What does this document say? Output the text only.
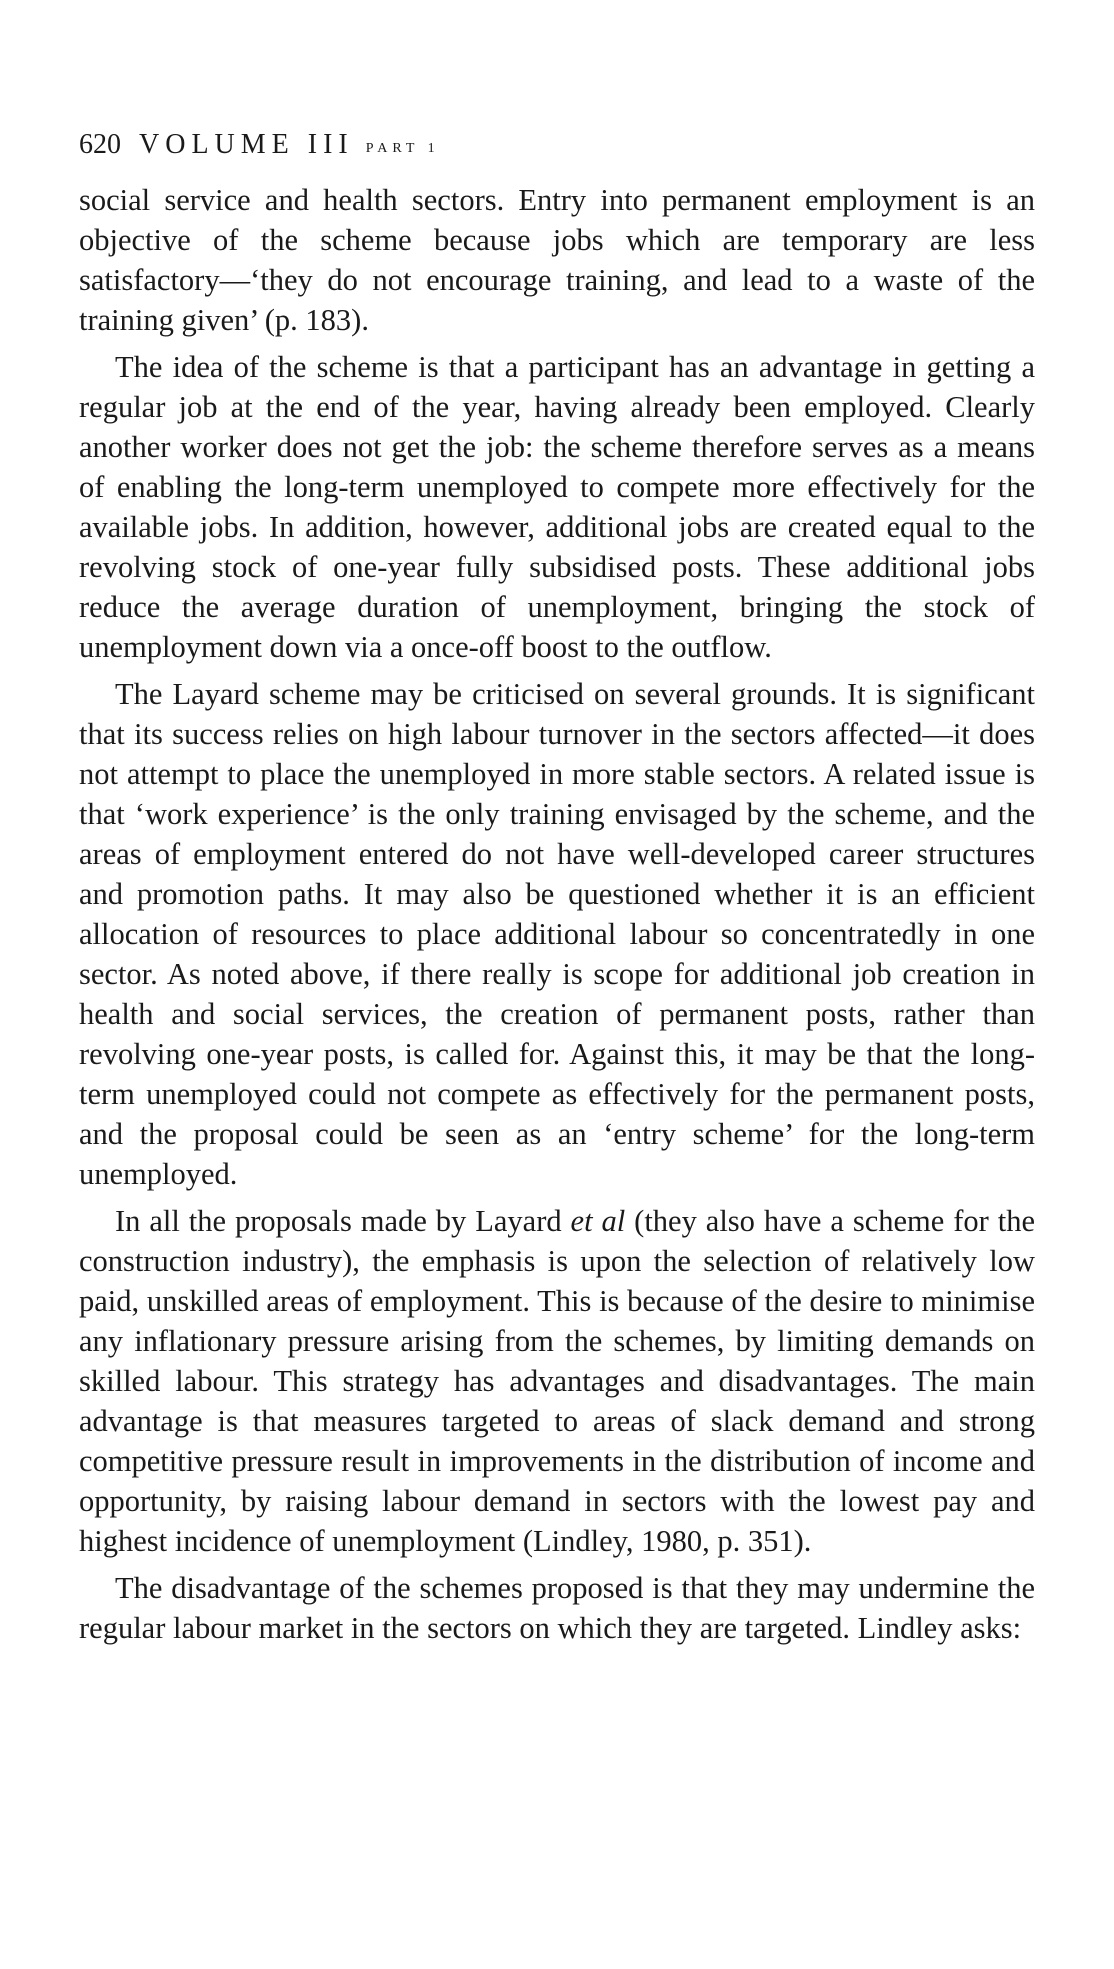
620 VOLUME III PART 1

social service and health sectors. Entry into permanent employment is an objective of the scheme because jobs which are temporary are less satisfactory—‘they do not encourage training, and lead to a waste of the training given’ (p. 183).

The idea of the scheme is that a participant has an advantage in getting a regular job at the end of the year, having already been employed. Clearly another worker does not get the job: the scheme therefore serves as a means of enabling the long-term unemployed to compete more effectively for the available jobs. In addition, however, additional jobs are created equal to the revolving stock of one-year fully subsidised posts. These additional jobs reduce the average duration of unemployment, bringing the stock of unemployment down via a once-off boost to the outflow.

The Layard scheme may be criticised on several grounds. It is significant that its success relies on high labour turnover in the sectors affected—it does not attempt to place the unemployed in more stable sectors. A related issue is that ‘work experience’ is the only training envisaged by the scheme, and the areas of employment entered do not have well-developed career structures and promotion paths. It may also be questioned whether it is an efficient allocation of resources to place additional labour so concentratedly in one sector. As noted above, if there really is scope for additional job creation in health and social services, the creation of permanent posts, rather than revolving one-year posts, is called for. Against this, it may be that the long-term unemployed could not compete as effectively for the permanent posts, and the proposal could be seen as an ‘entry scheme’ for the long-term unemployed.

In all the proposals made by Layard et al (they also have a scheme for the construction industry), the emphasis is upon the selection of relatively low paid, unskilled areas of employment. This is because of the desire to minimise any inflationary pressure arising from the schemes, by limiting demands on skilled labour. This strategy has advantages and disadvantages. The main advantage is that measures targeted to areas of slack demand and strong competitive pressure result in improvements in the distribution of income and opportunity, by raising labour demand in sectors with the lowest pay and highest incidence of unemployment (Lindley, 1980, p. 351).

The disadvantage of the schemes proposed is that they may undermine the regular labour market in the sectors on which they are targeted. Lindley asks:
